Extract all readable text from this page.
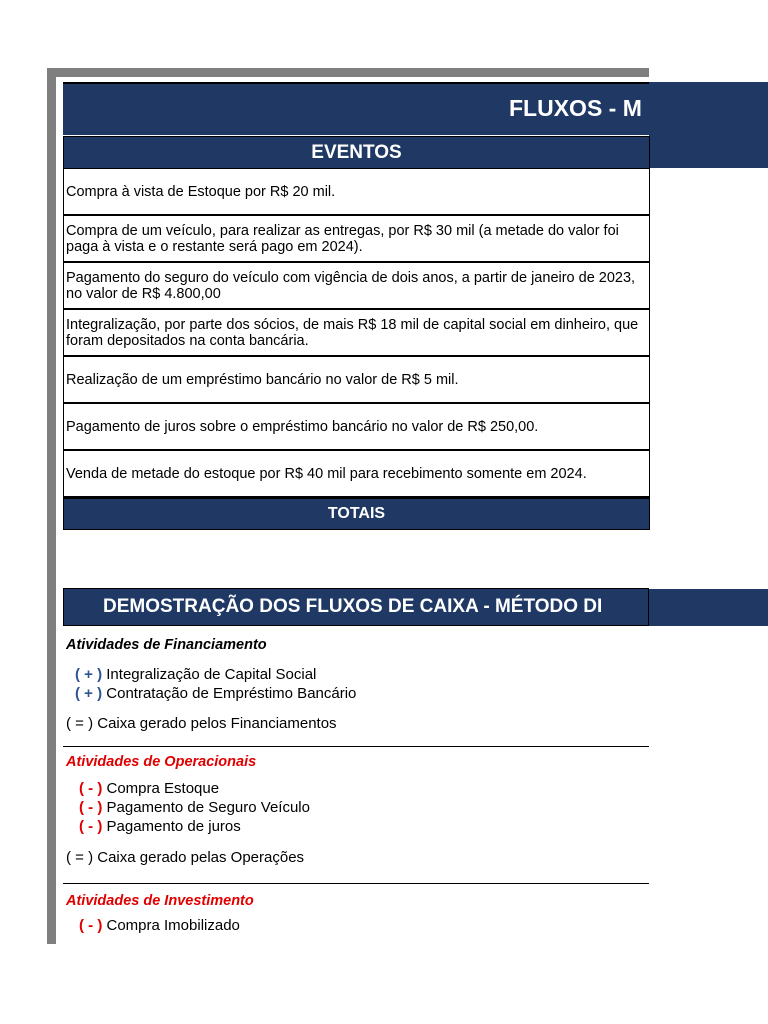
FLUXOS - M
EVENTOS
Compra à vista de Estoque por R$ 20 mil.
Compra de um veículo, para realizar as entregas, por R$ 30 mil (a metade do valor foi paga à vista e o restante será pago em 2024).
Pagamento do seguro do veículo com vigência de dois anos, a partir de janeiro de 2023, no valor de R$ 4.800,00
Integralização, por parte dos sócios, de mais R$ 18 mil de capital social em dinheiro, que foram depositados na conta bancária.
Realização de um empréstimo bancário no valor de R$ 5 mil.
Pagamento de juros sobre o empréstimo bancário no valor de R$ 250,00.
Venda de metade do estoque por R$ 40 mil para recebimento somente em 2024.
TOTAIS
DEMOSTRAÇÃO DOS FLUXOS DE CAIXA - MÉTODO DI
Atividades de Financiamento
( + ) Integralização de Capital Social
( + ) Contratação de Empréstimo Bancário
( = ) Caixa gerado pelos Financiamentos
Atividades de Operacionais
( - ) Compra Estoque
( - ) Pagamento de Seguro Veículo
( - ) Pagamento de juros
( = ) Caixa gerado pelas Operações
Atividades de Investimento
( - ) Compra Imobilizado
